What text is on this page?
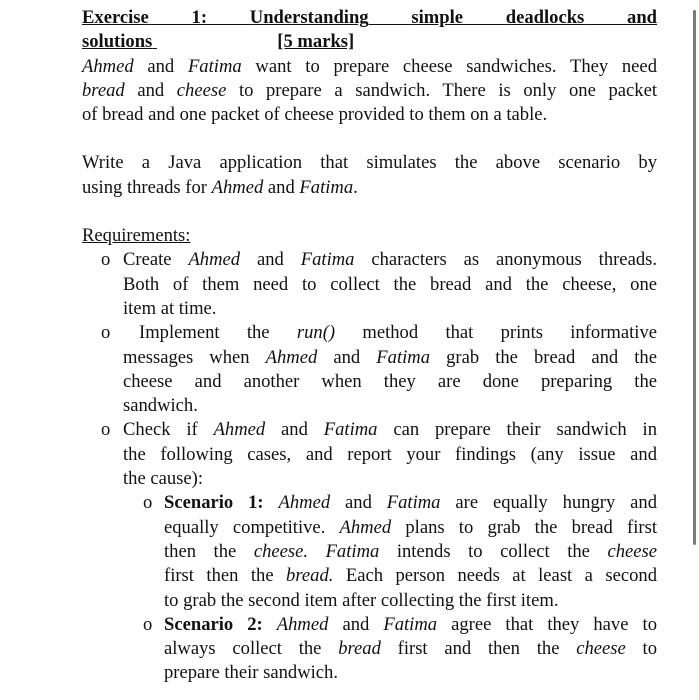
Exercise 1: Understanding simple deadlocks and

solutions	[5 marks]

Ahmed and Fatima want to prepare cheese sandwiches. They need

bread and cheese to prepare a sandwich. There is only one packet

of bread and one packet of cheese provided to them on a table.

Write a Java application that simulates the above scenario by

using threads for Ahmed and Fatima.

Requirements:

o Create Ahmed and Fatima characters as anonymous threads.

Both of them need to collect the bread and the cheese, one

item at time.

o	Implement the run() method that prints informative

messages when Ahmed and Fatima grab the bread and the

cheese and another when they are done preparing the

sandwich.

o Check if Ahmed and Fatima can prepare their sandwich in

the following cases, and report your findings (any issue and

the cause):

o Scenario 1: Ahmed and Fatima are equally hungry and

equally competitive. Ahmed plans to grab the bread first

then the cheese. Fatima intends to collect the cheese

first then the bread. Each person needs at least a second

to grab the second item after collecting the first item.

o Scenario 2: Ahmed and Fatima agree that they have to

always collect the bread first and then the cheese to

prepare their sandwich.
